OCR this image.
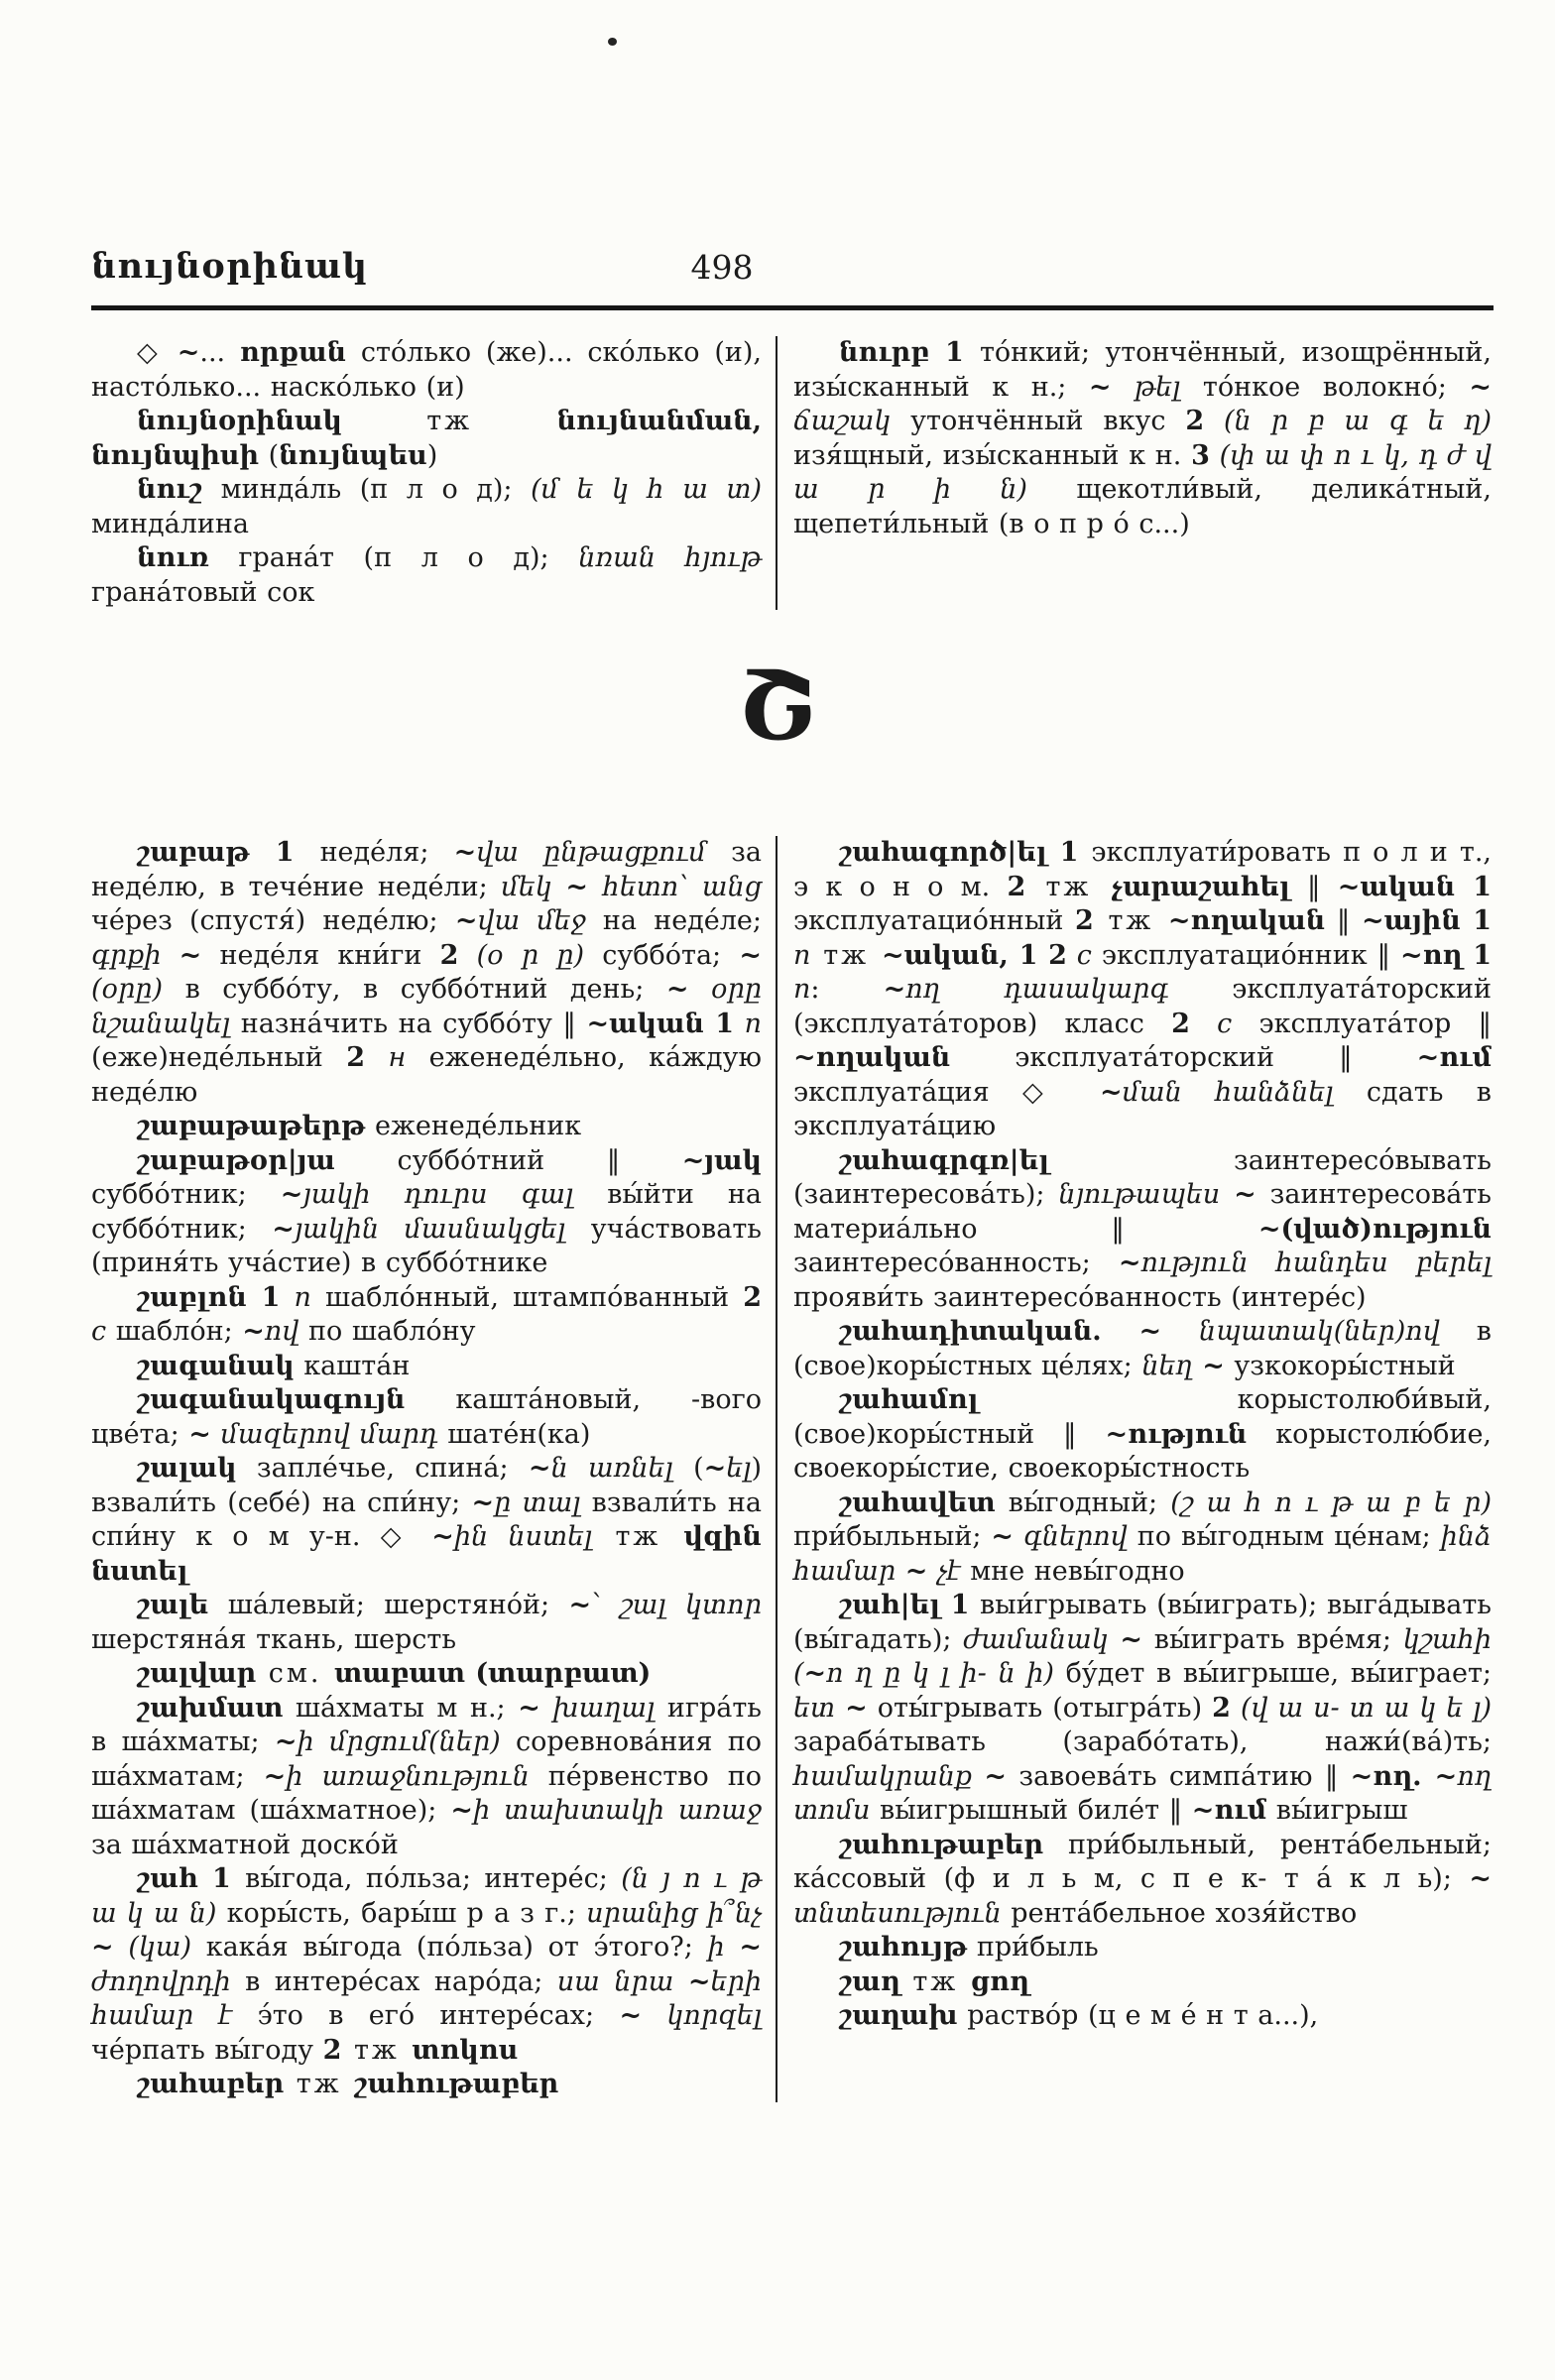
նույնօրինակ	498

◇ ~... որքան сто́лько (же)... ско́лько (и), насто́лько... наско́лько (и)

նույնօրինակ тж նույնանման, նույնպիսի (նույնպես)

նուշ минда́ль (п л о д); (մ ե կ հ ա տ) минда́лина

նուռ грана́т (п л о д); նռան հյութ грана́товый сок

նուրբ 1 то́нкий; утончённый, изощрённый, изы́сканный к н.; ~ թել то́нкое волокно́; ~ ճաշակ утончённый вкус 2 (ն ր բ ա գ ե ղ) изя́щный, изы́сканный к н. 3 (փ ա փ ո ւ կ, դ ժ վ ա ր ի ն) щекотли́вый, делика́тный, щепети́льный (в о п р о́ с...)

Շ

շաբաթ 1 неде́ля; ~վա ընթացքում за неде́лю, в тече́ние неде́ли; մեկ ~ հետո՝ անց че́рез (спустя́) неде́лю; ~վա մեջ на неде́ле; գրքի ~ неде́ля кни́ги 2 (օ ր ը) суббо́та; ~ (օրը) в суббо́ту, в суббо́тний день; ~ օրը նշանակել назна́чить на суббо́ту ‖ ~ական 1 п (еже)неде́льный 2 н еженеде́льно, ка́ждую неде́лю

շաբաթաթերթ еженеде́льник

շաբաթօր|յա суббо́тний ‖ ~յակ суббо́тник; ~յակի դուրս գալ вы́йти на суббо́тник; ~յակին մասնակցել уча́ствовать (приня́ть уча́стие) в суббо́тнике

շաբլոն 1 п шабло́нный, штампо́ванный 2 с шабло́н; ~ով по шабло́ну

շագանակ кашта́н

շագանակագույն кашта́новый, -вого цве́та; ~ մազերով մարդ шате́н(ка)

շալակ запле́чье, спина́; ~ն առնել (~ել) взвали́ть (себе́) на спи́ну; ~ը տալ взвали́ть на спи́ну к о м у-н. ◇ ~ին նստել тж վզին նստել

շալե ша́левый; шерстяно́й; ~՝ շալ կտոր шерстяна́я ткань, шерсть

շալվար см. տաբատ (տարբատ)

շախմատ ша́хматы м н.; ~ խաղալ игра́ть в ша́хматы; ~ի մրցում(ներ) соревнова́ния по ша́хматам; ~ի առաջնություն пе́рвенство по ша́хматам (ша́хматное); ~ի տախտակի առաջ за ша́хматной доско́й

շահ 1 вы́года, по́льза; интере́с; (ն յ ո ւ թ ա կ ա ն) коры́сть, бары́ш р а з г.; սրանից ի՞նչ ~ (կա) кака́я вы́года (по́льза) от э́того?; ի ~ ժողովրդի в интере́сах наро́да; սա նրա ~երի համար է э́то в его́ интере́сах; ~ կորզել че́рпать вы́году 2 тж տոկոս

շահաբեր тж շահութաբեր

շահագործ|ել 1 эксплуати́ровать п о л и т., э к о н о м. 2 тж չարաշահել ‖ ~ական 1 эксплуатацио́нный 2 тж ~ողական ‖ ~ային 1 п тж ~ական, 1 2 с эксплуатацио́нник ‖ ~ող 1 п: ~ող դասակարգ эксплуата́торский (эксплуата́торов) класс 2 с эксплуата́тор ‖ ~ողական эксплуата́торский ‖ ~ում эксплуата́ция ◇ ~ման հանձնել сдать в эксплуата́цию

շահագրգռ|ել заинтересо́вывать (заинтересова́ть); նյութապես ~ заинтересова́ть материа́льно ‖ ~(ված)ություն заинтересо́ванность; ~ություն հանդես բերել прояви́ть заинтересо́ванность (интере́с)

շահադիտական. ~ նպատակ(ներ)ով в (свое)коры́стных це́лях; նեղ ~ узкокоры́стный

շահամոլ корыстолюби́вый, (свое)коры́стный ‖ ~ություն корыстолю́бие, своекоры́стие, своекоры́стность

շահավետ вы́годный; (շ ա հ ո ւ թ ա բ ե ր) при́быльный; ~ գներով по вы́годным це́нам; ինձ համար ~ չէ мне невы́годно

շահ|ել 1 выи́грывать (вы́играть); выга́дывать (вы́гадать); ժամանակ ~ вы́играть вре́мя; կշահի (~ո ղ ը կ լ ի- ն ի) бу́дет в вы́игрыше, вы́играет; ետ ~ оты́грывать (отыгра́ть) 2 (վ ա ս- տ ա կ ե լ) зараба́тывать (зарабо́тать), нажи́(ва́)ть; համակրանք ~ завоева́ть симпа́тию ‖ ~ող. ~ող տոմս вы́игрышный биле́т ‖ ~ում вы́игрыш

շահութաբեր при́быльный, рента́бельный; ка́ссовый (ф и л ь м, с п е к- т а́ к л ь); ~ տնտեսություն рента́бельное хозя́йство

շահույթ при́быль

շաղ тж ցող

շաղախ раство́р (ц е м е́ н т а...),
